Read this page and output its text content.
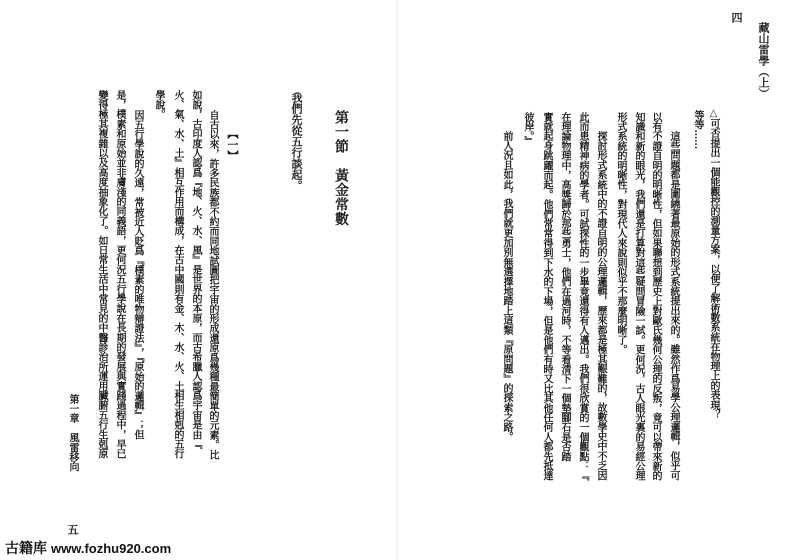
藏山雷學（上）
四
△可否提出一個能觀控的測量方案，以便了解術數系統在物理上的表現？
等等……
這些問題都是圍繞著最原始的形式系統提出來的。雖然作爲易學公理邏輯，似乎可
以有不證自明的明晰性，但如果聯想到歷史上對歐氏幾何公理的反叛，竟可以帶來新的
知識和新的眼光，我們還是打算對這些疑問冒險一試。更何況，古人眼光裏的易經公理
形式系統的明晰性，對現代人來說則似乎不那麼明晰了。
探討形式系統中的不證自明的公理邏輯，歷來都是極其艱難的，故數學史中不乏因
此而患精神病的學者。可試探性的一步畢竟還得有人邁出。我們很欣賞的一個觀點：『
在理論物理中，高獎歸於那些勇士，他們在過河時，不等看清下一個墊腳石是否踏
實就起身跳躍而起。他們常常得到下水的下場，但是他們有時又比其他任何人都先抵達
彼岸。』
前人況且如此，我們就更加別無選擇地踏上這類『原問題』的探索之路。
第一節　黃金常數
我們先從五行談起。
【一】
自古以來，許多民族都不約而同地試圖把宇宙的形成還原爲幾種最簡單的元素。比
如說，古印度人認爲『地、火、水、風』是世界的本原，而古希臘人認爲宇宙是由『
火、氣、水、土』相互作用而構成，在古中國則有金、木、水、火、土相生相剋的五行
學說。
因五行學說的久遠，常被近人貶爲『樸素的唯物辯證法』，『原始的邏輯』；但
是，樸素和原始並非膚淺的同義語，更何況五行學說在長期的發展與實踐過程中，早已
變得極其複雜以及高度抽象化了。如日常生活中常見的中醫診治所運用臟腑五行生剋原
第一章　風雷移向
五
古籍库 www.fozhu920.com
